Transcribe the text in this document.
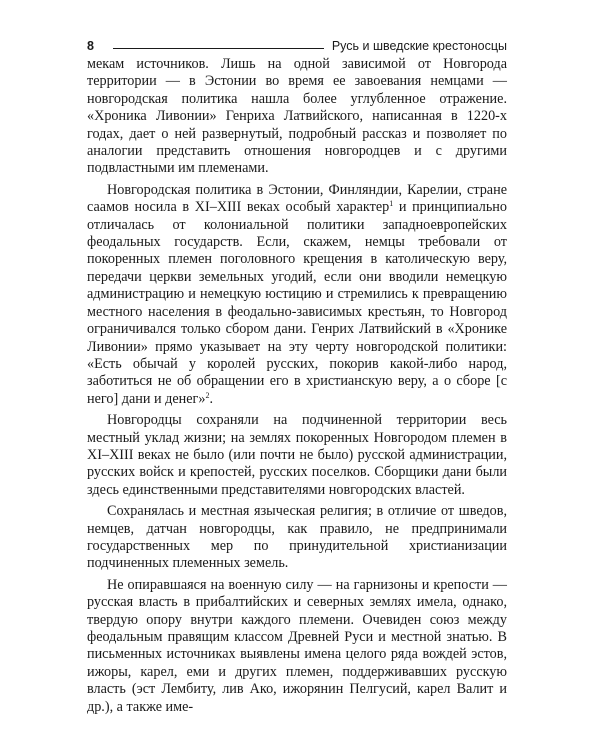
8	Русь и шведские крестоносцы

мекам источников. Лишь на одной зависимой от Новгорода территории — в Эстонии во время ее завоевания немцами — новгородская политика нашла более углубленное отражение. «Хроника Ливонии» Генриха Латвийского, написанная в 1220-х годах, дает о ней развернутый, подробный рассказ и позволяет по аналогии представить отношения новгородцев и с другими подвластными им племенами.

Новгородская политика в Эстонии, Финляндии, Карелии, стране саамов носила в XI–XIII веках особый характер$^1$ и принципиально отличалась от колониальной политики западноевропейских феодальных государств. Если, скажем, немцы требовали от покоренных племен поголовного крещения в католическую веру, передачи церкви земельных угодий, если они вводили немецкую администрацию и немецкую юстицию и стремились к превращению местного населения в феодально-зависимых крестьян, то Новгород ограничивался только сбором дани. Генрих Латвийский в «Хронике Ливонии» прямо указывает на эту черту новгородской политики: «Есть обычай у королей русских, покорив какой-либо народ, заботиться не об обращении его в христианскую веру, а о сборе [с него] дани и денег»$^2$.

Новгородцы сохраняли на подчиненной территории весь местный уклад жизни; на землях покоренных Новгородом племен в XI–XIII веках не было (или почти не было) русской администрации, русских войск и крепостей, русских поселков. Сборщики дани были здесь единственными представителями новгородских властей.

Сохранялась и местная языческая религия; в отличие от шведов, немцев, датчан новгородцы, как правило, не предпринимали государственных мер по принудительной христианизации подчиненных племенных земель.

Не опиравшаяся на военную силу — на гарнизоны и крепости — русская власть в прибалтийских и северных землях имела, однако, твердую опору внутри каждого племени. Очевиден союз между феодальным правящим классом Древней Руси и местной знатью. В письменных источниках выявлены имена целого ряда вождей эстов, ижоры, карел, еми и других племен, поддерживавших русскую власть (эст Лембиту, лив Ако, ижорянин Пелгусий, карел Валит и др.), а также име-
